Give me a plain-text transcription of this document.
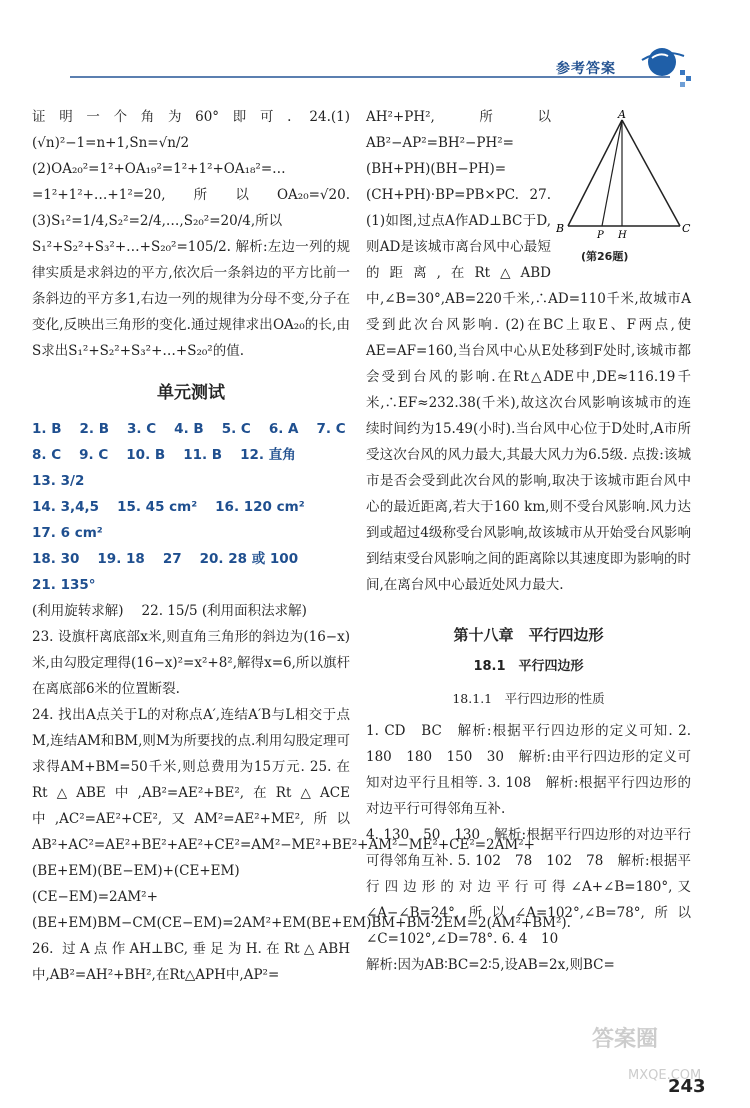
参考答案

证明一个角为60°即可. 24.(1)(√n)²−1=n+1,Sn=√n/2 (2)OA₂₀²=1²+OA₁₉²=1²+1²+OA₁₈²=…=1²+1²+…+1²=20,所以OA₂₀=√20. (3)S₁²=1/4,S₂²=2/4,…,S₂₀²=20/4,所以

S₁²+S₂²+S₃²+…+S₂₀²=105/2. 解析:左边一列的规律实质是求斜边的平方,依次后一条斜边的平方比前一条斜边的平方多1,右边一列的规律为分母不变,分子在变化,反映出三角形的变化.通过规律求出OA₂₀的长,由S求出S₁²+S₂²+S₃²+…+S₂₀²的值.

单元测试
1. B 2. B 3. C 4. B 5. C 6. A 7. C
8. C 9. C 10. B 11. B 12. 直角
13. 3/2
14. 3,4,5 15. 45 cm² 16. 120 cm²
17. 6 cm²
18. 30 19. 18 27 20. 28 或 100
21. 135°
(利用旋转求解) 22. 15/5 (利用面积法求解)

23. 设旗杆离底部x米,则直角三角形的斜边为(16−x)米,由勾股定理得(16−x)²=x²+8²,解得x=6,所以旗杆在离底部6米的位置断裂.

24. 找出A点关于L的对称点A′,连结A′B与L相交于点M,连结AM和BM,则M为所要找的点.利用勾股定理可求得AM+BM=50千米,则总费用为15万元. 25. 在Rt△ABE中,AB²=AE²+BE²,在Rt△ACE中,AC²=AE²+CE²,又AM²=AE²+ME²,所以AB²+AC²=AE²+BE²+AE²+CE²=AM²−ME²+BE²+AM²−ME²+CE²=2AM²+(BE+EM)(BE−EM)+(CE+EM)(CE−EM)=2AM²+(BE+EM)BM−CM(CE−EM)=2AM²+EM(BE+EM)BM+BM·2EM=2(AM²+BM²).

26. 过A点作AH⊥BC,垂足为H.在Rt△ABH中,AB²=AH²+BH²,在Rt△APH中,AP²=

A
B	C
P H
(第26题)

AH²+PH²,所以AB²−AP²=BH²−PH²=(BH+PH)(BH−PH)=(CH+PH)·BP=PB×PC. 27.(1)如图,过点A作AD⊥BC于D,则AD是该城市离台风中心最短的距离,在Rt△ABD中,∠B=30°,AB=220千米,∴AD=110千米,故城市A受到此次台风影响. (2)在BC上取E、F两点,使AE=AF=160,当台风中心从E处移到F处时,该城市都会受到台风的影响.在Rt△ADE中,DE≈116.19千米,∴EF≈232.38(千米),故这次台风影响该城市的连续时间约为15.49(小时).当台风中心位于D处时,A市所受这次台风的风力最大,其最大风力为6.5级. 点拨:该城市是否会受到此次台风的影响,取决于该城市距台风中心的最近距离,若大于160 km,则不受台风影响.风力达到或超过4级称受台风影响,故该城市从开始受台风影响到结束受台风影响之间的距离除以其速度即为影响的时间,在离台风中心最近处风力最大.

第十八章　平行四边形
18.1　平行四边形
18.1.1　平行四边形的性质

1. CD　BC　解析:根据平行四边形的定义可知. 2. 180　180　150　30　解析:由平行四边形的定义可知对边平行且相等. 3. 108　解析:根据平行四边形的对边平行可得邻角互补.

4. 130　50　130　解析:根据平行四边形的对边平行可得邻角互补. 5. 102　78　102　78　解析:根据平行四边形的对边平行可得∠A+∠B=180°,又∠A−∠B=24°,所以∠A=102°,∠B=78°,所以∠C=102°,∠D=78°. 6. 4　10

解析:因为AB∶BC=2∶5,设AB=2x,则BC=

答案圈
MXQE.COM
243
